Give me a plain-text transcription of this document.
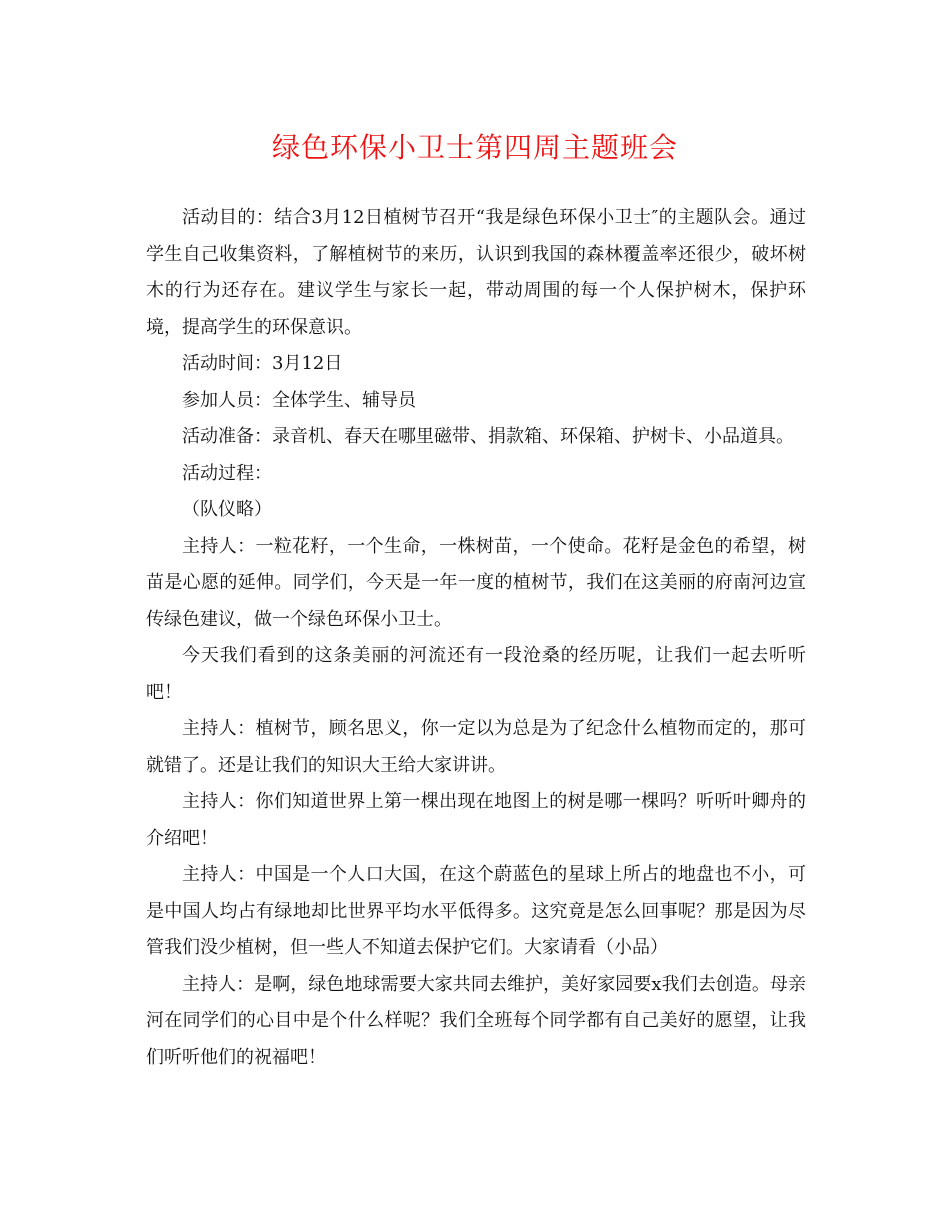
绿色环保小卫士第四周主题班会

活动目的：结合3月12日植树节召开“我是绿色环保小卫士″的主题队会。通过学生自己收集资料，了解植树节的来历，认识到我国的森林覆盖率还很少，破坏树木的行为还存在。建议学生与家长一起，带动周围的每一个人保护树木，保护环境，提高学生的环保意识。

活动时间：3月12日

参加人员：全体学生、辅导员

活动准备：录音机、春天在哪里磁带、捐款箱、环保箱、护树卡、小品道具。

活动过程：

（队仪略）

主持人：一粒花籽，一个生命，一株树苗，一个使命。花籽是金色的希望，树苗是心愿的延伸。同学们，今天是一年一度的植树节，我们在这美丽的府南河边宣传绿色建议，做一个绿色环保小卫士。

今天我们看到的这条美丽的河流还有一段沧桑的经历呢，让我们一起去听听吧！

主持人：植树节，顾名思义，你一定以为总是为了纪念什么植物而定的，那可就错了。还是让我们的知识大王给大家讲讲。

主持人：你们知道世界上第一棵出现在地图上的树是哪一棵吗？听听叶卿舟的介绍吧！

主持人：中国是一个人口大国，在这个蔚蓝色的星球上所占的地盘也不小，可是中国人均占有绿地却比世界平均水平低得多。这究竟是怎么回事呢？那是因为尽管我们没少植树，但一些人不知道去保护它们。大家请看（小品）

主持人：是啊，绿色地球需要大家共同去维护，美好家园要x我们去创造。母亲河在同学们的心目中是个什么样呢？我们全班每个同学都有自己美好的愿望，让我们听听他们的祝福吧！
